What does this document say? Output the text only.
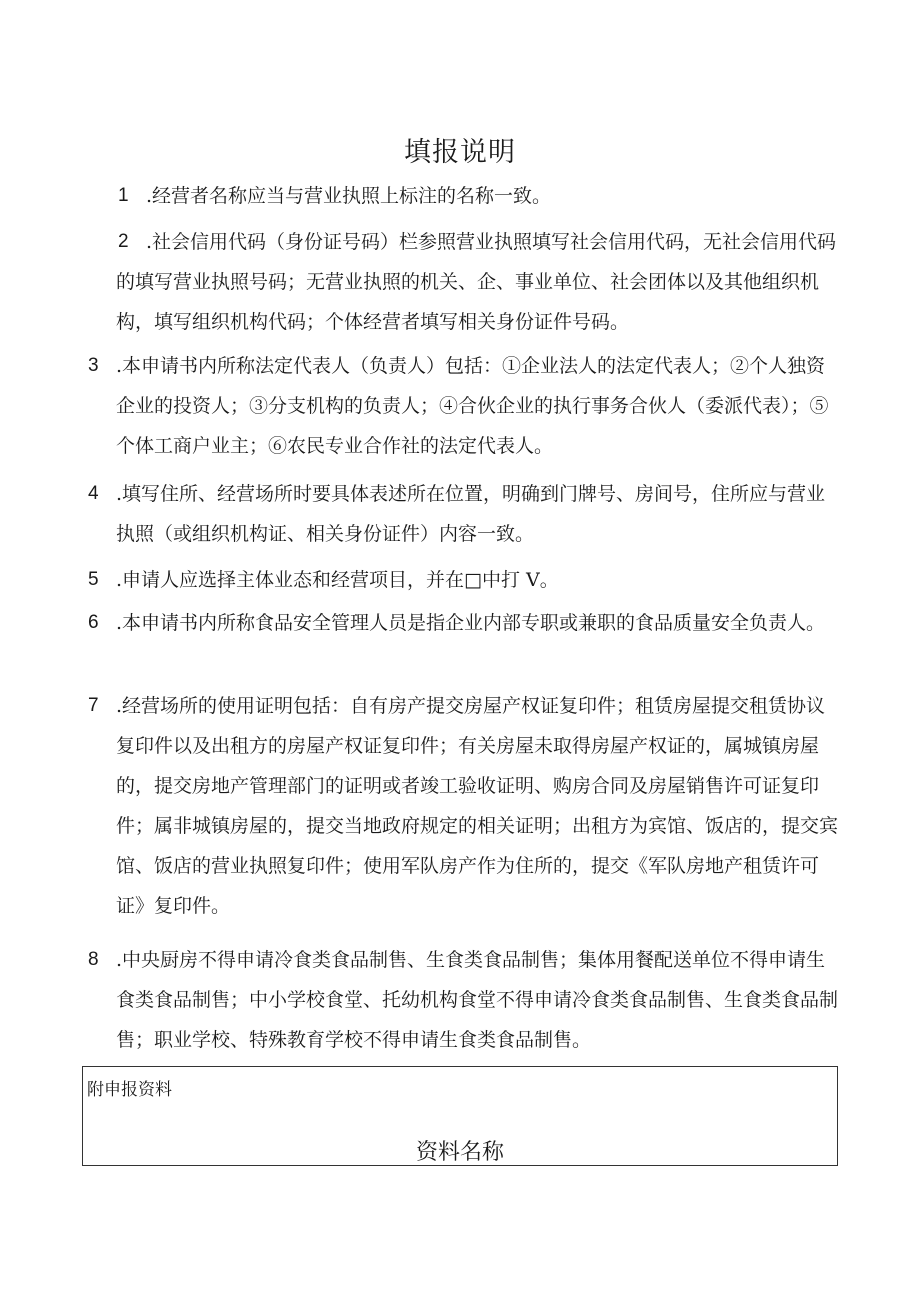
填报说明
1 .经营者名称应当与营业执照上标注的名称一致。
2 .社会信用代码（身份证号码）栏参照营业执照填写社会信用代码，无社会信用代码的填写营业执照号码；无营业执照的机关、企、事业单位、社会团体以及其他组织机构，填写组织机构代码；个体经营者填写相关身份证件号码。
3 .本申请书内所称法定代表人（负责人）包括：①企业法人的法定代表人；②个人独资企业的投资人；③分支机构的负责人；④合伙企业的执行事务合伙人（委派代表）；⑤个体工商户业主；⑥农民专业合作社的法定代表人。
4 .填写住所、经营场所时要具体表述所在位置，明确到门牌号、房间号，住所应与营业执照（或组织机构证、相关身份证件）内容一致。
5 .申请人应选择主体业态和经营项目，并在□中打 V。
6 .本申请书内所称食品安全管理人员是指企业内部专职或兼职的食品质量安全负责人。
7 .经营场所的使用证明包括：自有房产提交房屋产权证复印件；租赁房屋提交租赁协议复印件以及出租方的房屋产权证复印件；有关房屋未取得房屋产权证的，属城镇房屋的，提交房地产管理部门的证明或者竣工验收证明、购房合同及房屋销售许可证复印件；属非城镇房屋的，提交当地政府规定的相关证明；出租方为宾馆、饭店的，提交宾馆、饭店的营业执照复印件；使用军队房产作为住所的，提交《军队房地产租赁许可证》复印件。
8 .中央厨房不得申请冷食类食品制售、生食类食品制售；集体用餐配送单位不得申请生食类食品制售；中小学校食堂、托幼机构食堂不得申请冷食类食品制售、生食类食品制售；职业学校、特殊教育学校不得申请生食类食品制售。
附申报资料
资料名称
